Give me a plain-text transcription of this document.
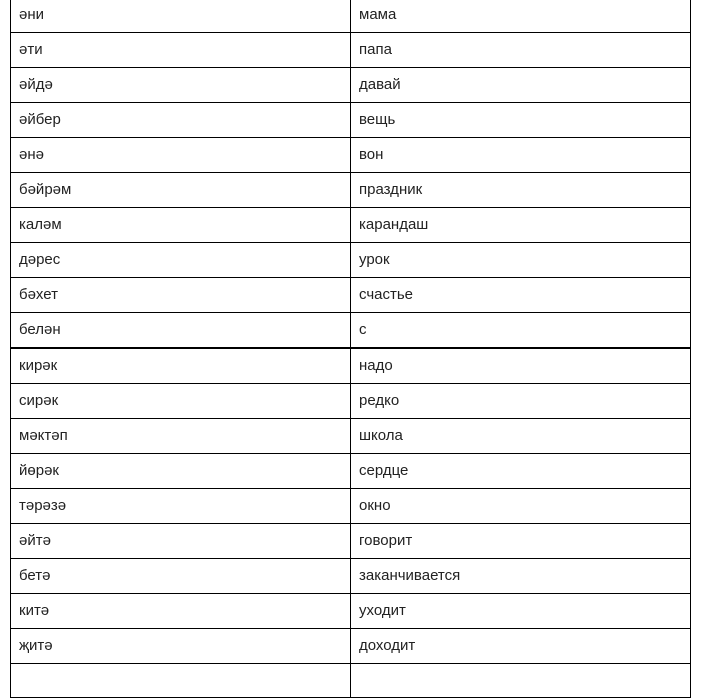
әни	мама
әти	папа
әйдә	давай
әйбер	вещь
әнә	вон
бәйрәм	праздник
каләм	карандаш
дәрес	урок
бәхет	счастье
белән	с
кирәк	надо
сирәк	редко
мәктәп	школа
йөрәк	сердце
тәрәзә	окно
әйтә	говорит
бетә	заканчивается
китә	уходит
җитә	доходит
